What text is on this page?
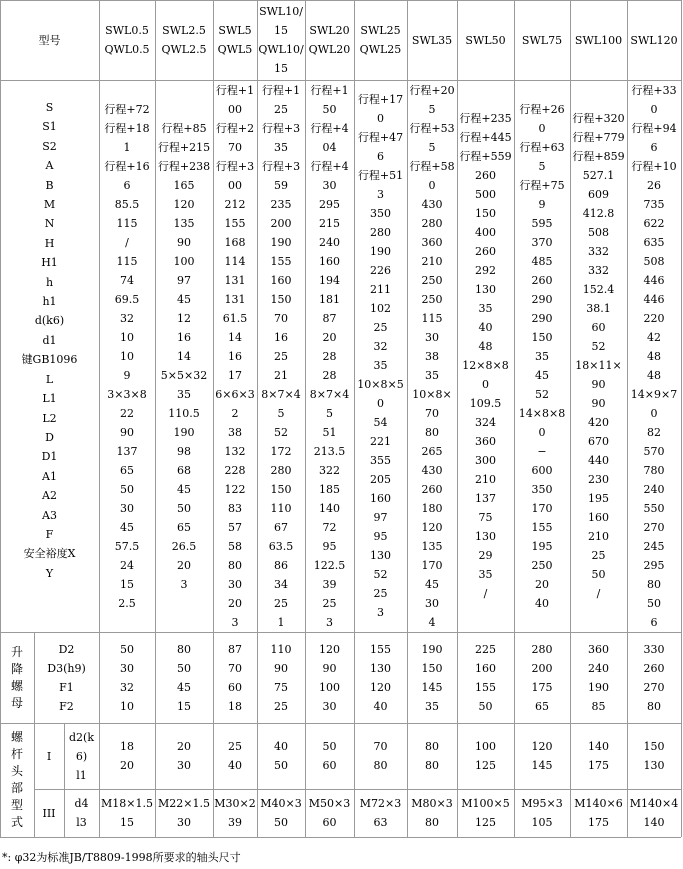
型号
SWL0.5
QWL0.5
SWL2.5
QWL2.5
SWL5
QWL5
SWL10/15
QWL10/15
SWL20
QWL20
SWL25
QWL25
SWL35 SWL50 SWL75 SWL100 SWL120
S
S1
S2
A
B
M
N
H
H1
h
h1
d(k6)
d1
键GB1096
L
L1
L2
D
D1
A1
A2
A3
F
安全裕度X
Y
行程+72
行程+181
行程+166
85.5
115
/
115
74
69.5
32
10
10
9
3×3×8
22
90
137
65
50
30
45
57.5
24
15
2.5
行程+85
行程+215
行程+238
165
120
135
90
100
97
45
12
16
14
5×5×32
35
110.5
190
98
68
45
50
65
26.5
20
3
行程+100
行程+270
行程+300
212
155
168
114
131
131
61.5
14
16
17
6×6×32
38
132
228
122
83
57
58
80
30
20
3
行程+125
行程+335
行程+359
235
200
190
155
160
150
70
16
25
21
8×7×45
52
172
280
150
110
67
63.5
86
34
25
1
行程+150
行程+404
行程+430
295
215
240
160
194
181
87
20
28
28
8×7×45
51
213.5
322
185
140
72
95
122.5
39
25
3
行程+170
行程+476
行程+513
350
280
190
226
211
102
25
32
35
10×8×50
54
221
355
205
160
97
95
130
52
25
3
行程+205
行程+535
行程+580
430
280
360
210
250
250
115
30
38
35
10×8×70
80
265
430
260
180
120
135
170
45
30
4
行程+235
行程+445
行程+559
260
500
150
400
260
292
130
35
40
48
12×8×80
109.5
324
360
300
210
137
75
130
29
35
/
行程+260
行程+635
行程+759
595
370
485
260
290
290
150
35
45
52
14×8×80
−
600
350
170
155
195
250
20
40
行程+320
行程+779
行程+859
527.1
609
412.8
508
332
332
152.4
38.1
60
52
18×11×90
90
420
670
440
230
195
160
210
25
50
/
行程+330
行程+946
行程+1026
735
622
635
508
446
446
220
42
48
48
14×9×70
82
570
780
240
550
270
245
295
80
50
6
升
降
螺
母
D2
D3(h9)
F1
F2
50
30
32
10
80
50
45
15
87
70
60
18
110
90
75
25
120
90
100
30
155
130
120
40
190
150
145
35
225
160
155
50
280
200
175
65
360
240
190
85
330
260
270
80
螺
杆
头
部
型
式
I
III
d2(k6)
l1
d4
l3
18
20
20
30
25
40
40
50
50
60
70
80
80
80
100
125
120
145
140
175
150
130
M18×1.5
15
M22×1.5
30
M30×2
39
M40×3
50
M50×3
60
M72×3
63
M80×3
80
M100×5
125
M95×3
105
M140×6
175
M140×4
140
*: φ32为标准JB/T8809-1998所要求的轴头尺寸
